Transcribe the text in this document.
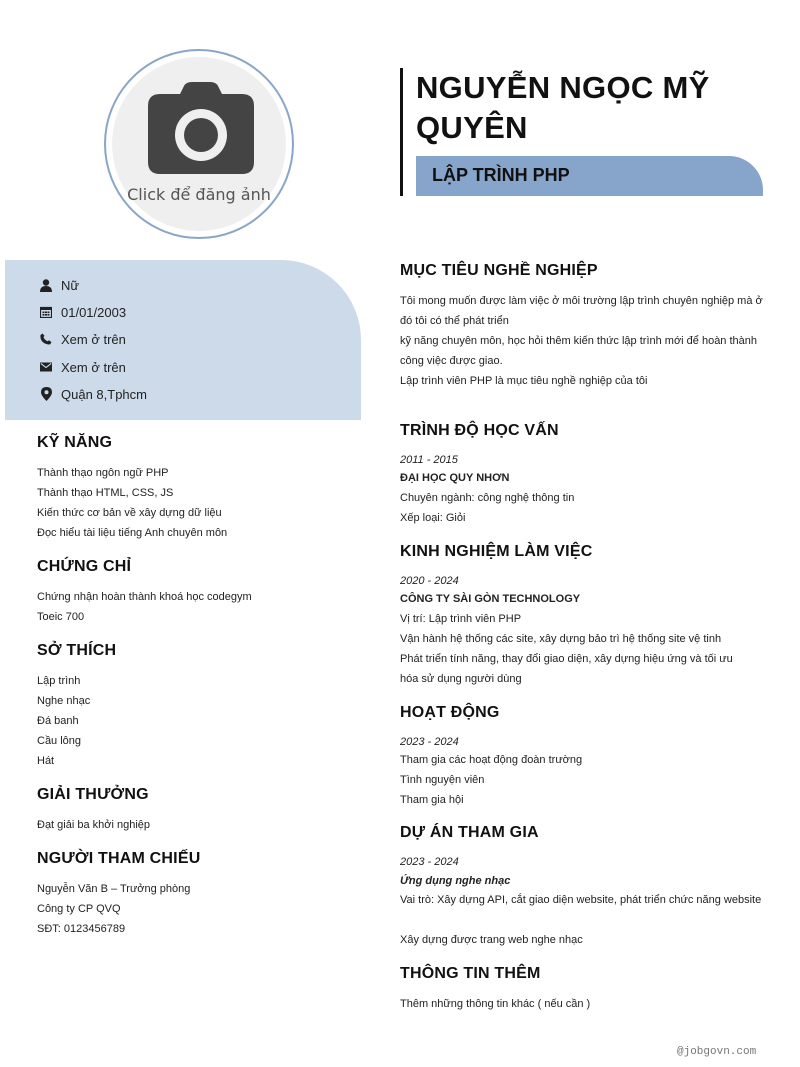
Click để đăng ảnh
NGUYỄN NGỌC MỸ
QUYÊN
LẬP TRÌNH PHP
Nữ
01/01/2003
Xem ở trên
Xem ở trên
Quận 8,Tphcm
KỸ NĂNG
Thành thạo ngôn ngữ PHP
Thành thạo HTML, CSS, JS
Kiến thức cơ bản về xây dựng dữ liệu
Đọc hiểu tài liệu tiếng Anh chuyên môn
CHỨNG CHỈ
Chứng nhận hoàn thành khoá học codegym
Toeic 700
SỞ THÍCH
Lập trình
Nghe nhạc
Đá banh
Cầu lông
Hát
GIẢI THƯỞNG
Đạt giải ba khởi nghiệp
NGƯỜI THAM CHIẾU
Nguyễn Văn B – Trưởng phòng
Công ty CP QVQ
SĐT: 0123456789
MỤC TIÊU NGHỀ NGHIỆP
Tôi mong muốn được làm việc ở môi trường lập trình chuyên nghiệp mà ở
đó tôi có thể phát triển
kỹ năng chuyên môn, học hỏi thêm kiến thức lập trình mới để hoàn thành
công việc được giao.
Lập trình viên PHP là mục tiêu nghề nghiệp của tôi
TRÌNH ĐỘ HỌC VẤN
2011 - 2015
ĐẠI HỌC QUY NHƠN
Chuyên ngành: công nghệ thông tin
Xếp loại: Giỏi
KINH NGHIỆM LÀM VIỆC
2020 - 2024
CÔNG TY SÀI GÒN TECHNOLOGY
Vị trí: Lập trình viên PHP
Vận hành hệ thống các site, xây dựng bảo trì hệ thống site vệ tinh
Phát triển tính năng, thay đổi giao diện, xây dựng hiệu ứng và tối ưu
hóa sử dụng người dùng
HOẠT ĐỘNG
2023 - 2024
Tham gia các hoạt động đoàn trường
Tình nguyện viên
Tham gia hội
DỰ ÁN THAM GIA
2023 - 2024
Ứng dụng nghe nhạc
Vai trò: Xây dựng API, cắt giao diện website, phát triển chức năng website
Xây dựng được trang web nghe nhạc
THÔNG TIN THÊM
Thêm những thông tin khác ( nếu cần )
@jobgovn.com
